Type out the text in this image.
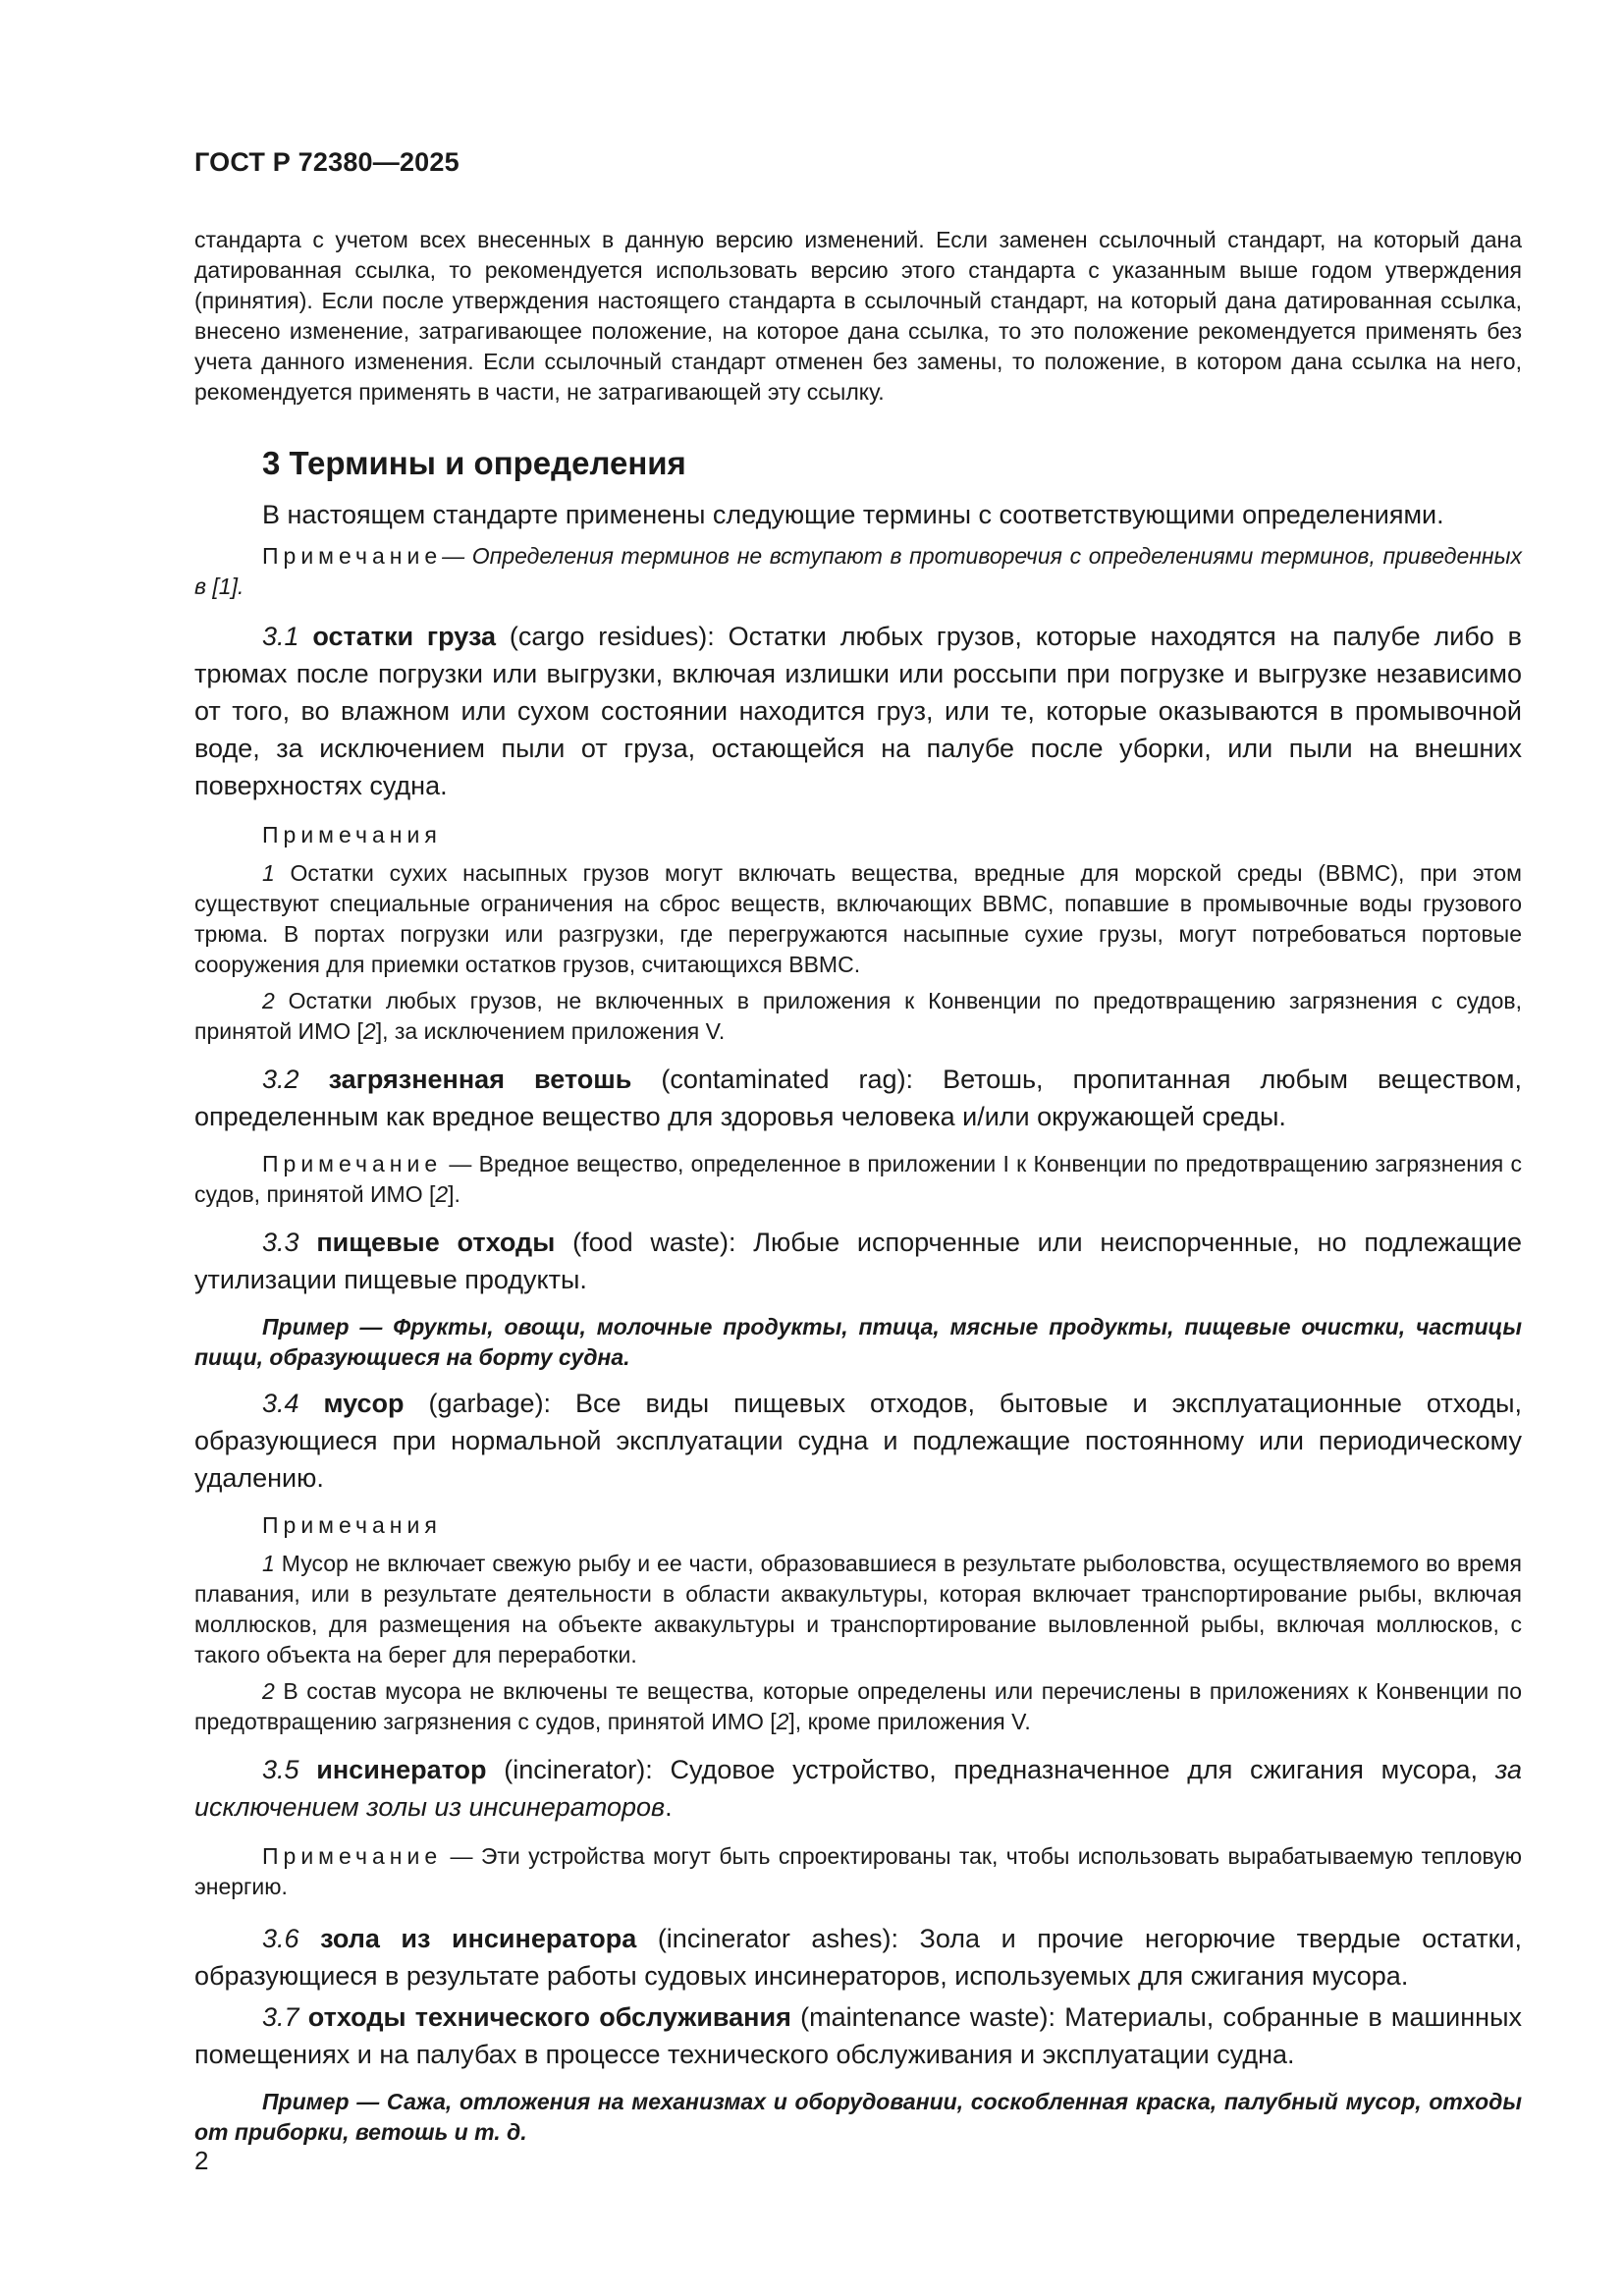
ГОСТ Р 72380—2025

стандарта с учетом всех внесенных в данную версию изменений. Если заменен ссылочный стандарт, на который дана датированная ссылка, то рекомендуется использовать версию этого стандарта с указанным выше годом утверждения (принятия). Если после утверждения настоящего стандарта в ссылочный стандарт, на который дана датированная ссылка, внесено изменение, затрагивающее положение, на которое дана ссылка, то это положение рекомендуется применять без учета данного изменения. Если ссылочный стандарт отменен без замены, то положение, в котором дана ссылка на него, рекомендуется применять в части, не затрагивающей эту ссылку.

3 Термины и определения

В настоящем стандарте применены следующие термины с соответствующими определениями.

Примечание— Определения терминов не вступают в противоречия с определениями терминов, приведенных в [1].

3.1 остатки груза (cargo residues): Остатки любых грузов, которые находятся на палубе либо в трюмах после погрузки или выгрузки, включая излишки или россыпи при погрузке и выгрузке независимо от того, во влажном или сухом состоянии находится груз, или те, которые оказываются в промывочной воде, за исключением пыли от груза, остающейся на палубе после уборки, или пыли на внешних поверхностях судна.

Примечания

1 Остатки сухих насыпных грузов могут включать вещества, вредные для морской среды (ВВМС), при этом существуют специальные ограничения на сброс веществ, включающих ВВМС, попавшие в промывочные воды грузового трюма. В портах погрузки или разгрузки, где перегружаются насыпные сухие грузы, могут потребоваться портовые сооружения для приемки остатков грузов, считающихся ВВМС.

2 Остатки любых грузов, не включенных в приложения к Конвенции по предотвращению загрязнения с судов, принятой ИМО [2], за исключением приложения V.

3.2 загрязненная ветошь (contaminated rag): Ветошь, пропитанная любым веществом, определенным как вредное вещество для здоровья человека и/или окружающей среды.

Примечание — Вредное вещество, определенное в приложении I к Конвенции по предотвращению загрязнения с судов, принятой ИМО [2].

3.3 пищевые отходы (food waste): Любые испорченные или неиспорченные, но подлежащие утилизации пищевые продукты.

Пример — Фрукты, овощи, молочные продукты, птица, мясные продукты, пищевые очистки, частицы пищи, образующиеся на борту судна.

3.4 мусор (garbage): Все виды пищевых отходов, бытовые и эксплуатационные отходы, образующиеся при нормальной эксплуатации судна и подлежащие постоянному или периодическому удалению.

Примечания

1 Мусор не включает свежую рыбу и ее части, образовавшиеся в результате рыболовства, осуществляемого во время плавания, или в результате деятельности в области аквакультуры, которая включает транспортирование рыбы, включая моллюсков, для размещения на объекте аквакультуры и транспортирование выловленной рыбы, включая моллюсков, с такого объекта на берег для переработки.

2 В состав мусора не включены те вещества, которые определены или перечислены в приложениях к Конвенции по предотвращению загрязнения с судов, принятой ИМО [2], кроме приложения V.

3.5 инсинератор (incinerator): Судовое устройство, предназначенное для сжигания мусора, за исключением золы из инсинераторов.

Примечание — Эти устройства могут быть спроектированы так, чтобы использовать вырабатываемую тепловую энергию.

3.6 зола из инсинератора (incinerator ashes): Зола и прочие негорючие твердые остатки, образующиеся в результате работы судовых инсинераторов, используемых для сжигания мусора.

3.7 отходы технического обслуживания (maintenance waste): Материалы, собранные в машинных помещениях и на палубах в процессе технического обслуживания и эксплуатации судна.

Пример — Сажа, отложения на механизмах и оборудовании, соскобленная краска, палубный мусор, отходы от приборки, ветошь и т. д.

2
